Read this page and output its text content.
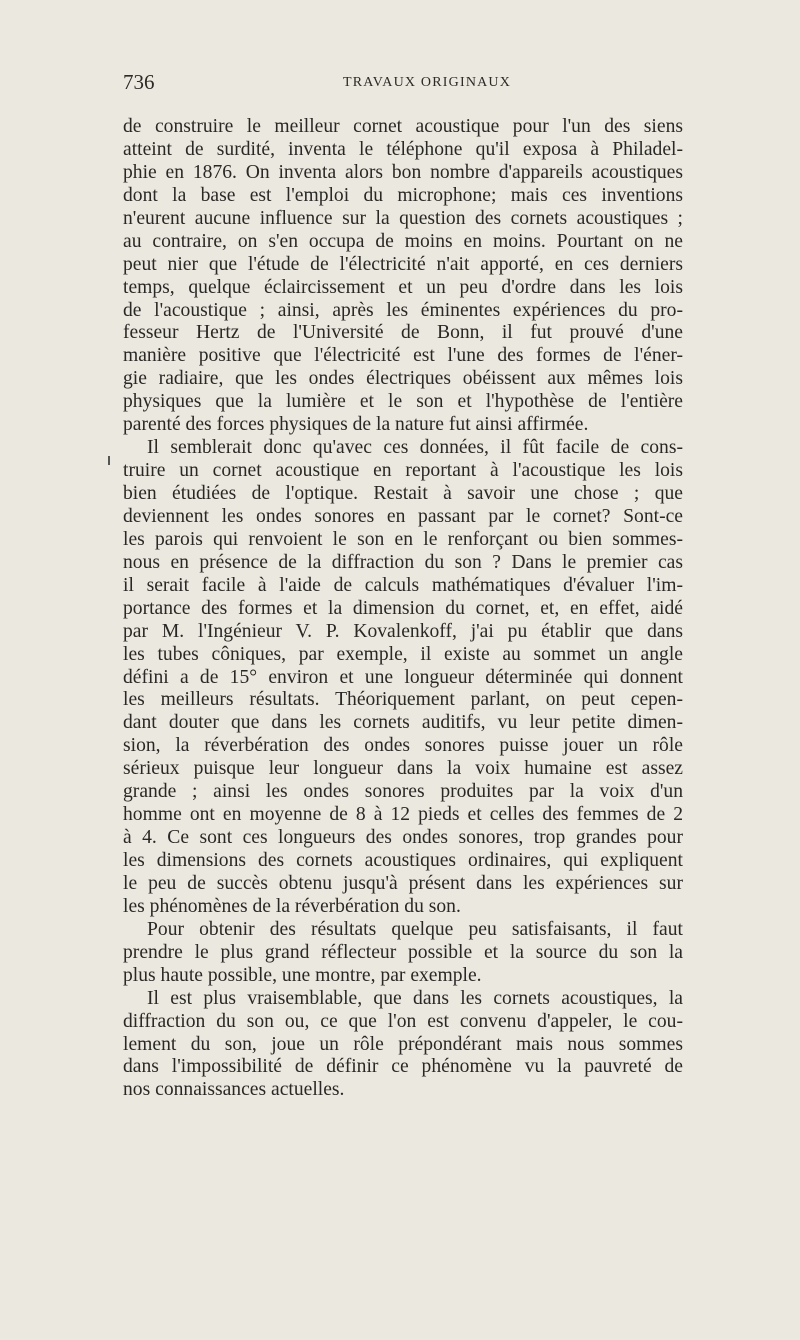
736	TRAVAUX ORIGINAUX
de construire le meilleur cornet acoustique pour l'un des siens
atteint de surdité, inventa le téléphone qu'il exposa à Philadel-
phie en 1876. On inventa alors bon nombre d'appareils acoustiques
dont la base est l'emploi du microphone; mais ces inventions
n'eurent aucune influence sur la question des cornets acoustiques ;
au contraire, on s'en occupa de moins en moins. Pourtant on ne
peut nier que l'étude de l'électricité n'ait apporté, en ces derniers
temps, quelque éclaircissement et un peu d'ordre dans les lois
de l'acoustique ; ainsi, après les éminentes expériences du pro-
fesseur Hertz de l'Université de Bonn, il fut prouvé d'une
manière positive que l'électricité est l'une des formes de l'éner-
gie radiaire, que les ondes électriques obéissent aux mêmes lois
physiques que la lumière et le son et l'hypothèse de l'entière
parenté des forces physiques de la nature fut ainsi affirmée.
Il semblerait donc qu'avec ces données, il fût facile de cons-
truire un cornet acoustique en reportant à l'acoustique les lois
bien étudiées de l'optique. Restait à savoir une chose ; que
deviennent les ondes sonores en passant par le cornet? Sont-ce
les parois qui renvoient le son en le renforçant ou bien sommes-
nous en présence de la diffraction du son ? Dans le premier cas
il serait facile à l'aide de calculs mathématiques d'évaluer l'im-
portance des formes et la dimension du cornet, et, en effet, aidé
par M. l'Ingénieur V. P. Kovalenkoff, j'ai pu établir que dans
les tubes côniques, par exemple, il existe au sommet un angle
défini a de 15° environ et une longueur déterminée qui donnent
les meilleurs résultats. Théoriquement parlant, on peut cepen-
dant douter que dans les cornets auditifs, vu leur petite dimen-
sion, la réverbération des ondes sonores puisse jouer un rôle
sérieux puisque leur longueur dans la voix humaine est assez
grande ; ainsi les ondes sonores produites par la voix d'un
homme ont en moyenne de 8 à 12 pieds et celles des femmes de 2
à 4. Ce sont ces longueurs des ondes sonores, trop grandes pour
les dimensions des cornets acoustiques ordinaires, qui expliquent
le peu de succès obtenu jusqu'à présent dans les expériences sur
les phénomènes de la réverbération du son.
Pour obtenir des résultats quelque peu satisfaisants, il faut
prendre le plus grand réflecteur possible et la source du son la
plus haute possible, une montre, par exemple.
Il est plus vraisemblable, que dans les cornets acoustiques, la
diffraction du son ou, ce que l'on est convenu d'appeler, le cou-
lement du son, joue un rôle prépondérant mais nous sommes
dans l'impossibilité de définir ce phénomène vu la pauvreté de
nos connaissances actuelles.
